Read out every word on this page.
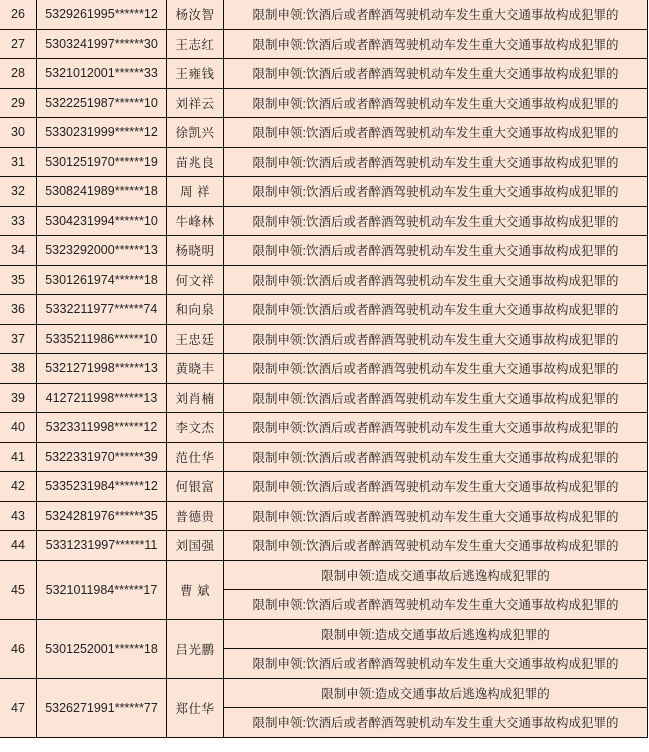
26	5329261995******12	杨汝智	限制申领:饮酒后或者醉酒驾驶机动车发生重大交通事故构成犯罪的
27	5303241997******30	王志红	限制申领:饮酒后或者醉酒驾驶机动车发生重大交通事故构成犯罪的
28	5321012001******33	王雍钱	限制申领:饮酒后或者醉酒驾驶机动车发生重大交通事故构成犯罪的
29	5322251987******10	刘祥云	限制申领:饮酒后或者醉酒驾驶机动车发生重大交通事故构成犯罪的
30	5330231999******12	徐凯兴	限制申领:饮酒后或者醉酒驾驶机动车发生重大交通事故构成犯罪的
31	5301251970******19	苗兆良	限制申领:饮酒后或者醉酒驾驶机动车发生重大交通事故构成犯罪的
32	5308241989******18	周 祥	限制申领:饮酒后或者醉酒驾驶机动车发生重大交通事故构成犯罪的
33	5304231994******10	牛峰林	限制申领:饮酒后或者醉酒驾驶机动车发生重大交通事故构成犯罪的
34	5323292000******13	杨晓明	限制申领:饮酒后或者醉酒驾驶机动车发生重大交通事故构成犯罪的
35	5301261974******18	何文祥	限制申领:饮酒后或者醉酒驾驶机动车发生重大交通事故构成犯罪的
36	5332211977******74	和向泉	限制申领:饮酒后或者醉酒驾驶机动车发生重大交通事故构成犯罪的
37	5335211986******10	王忠廷	限制申领:饮酒后或者醉酒驾驶机动车发生重大交通事故构成犯罪的
38	5321271998******13	黄晓丰	限制申领:饮酒后或者醉酒驾驶机动车发生重大交通事故构成犯罪的
39	4127211998******13	刘肖楠	限制申领:饮酒后或者醉酒驾驶机动车发生重大交通事故构成犯罪的
40	5323311998******12	李文杰	限制申领:饮酒后或者醉酒驾驶机动车发生重大交通事故构成犯罪的
41	5322331970******39	范仕华	限制申领:饮酒后或者醉酒驾驶机动车发生重大交通事故构成犯罪的
42	5335231984******12	何银富	限制申领:饮酒后或者醉酒驾驶机动车发生重大交通事故构成犯罪的
43	5324281976******35	普德贵	限制申领:饮酒后或者醉酒驾驶机动车发生重大交通事故构成犯罪的
44	5331231997******11	刘国强	限制申领:饮酒后或者醉酒驾驶机动车发生重大交通事故构成犯罪的
45	5321011984******17	曹 斌	限制申领:造成交通事故后逃逸构成犯罪的
			限制申领:饮酒后或者醉酒驾驶机动车发生重大交通事故构成犯罪的
46	5301252001******18	吕光鹏	限制申领:造成交通事故后逃逸构成犯罪的
			限制申领:饮酒后或者醉酒驾驶机动车发生重大交通事故构成犯罪的
47	5326271991******77	郑仕华	限制申领:造成交通事故后逃逸构成犯罪的
			限制申领:饮酒后或者醉酒驾驶机动车发生重大交通事故构成犯罪的
